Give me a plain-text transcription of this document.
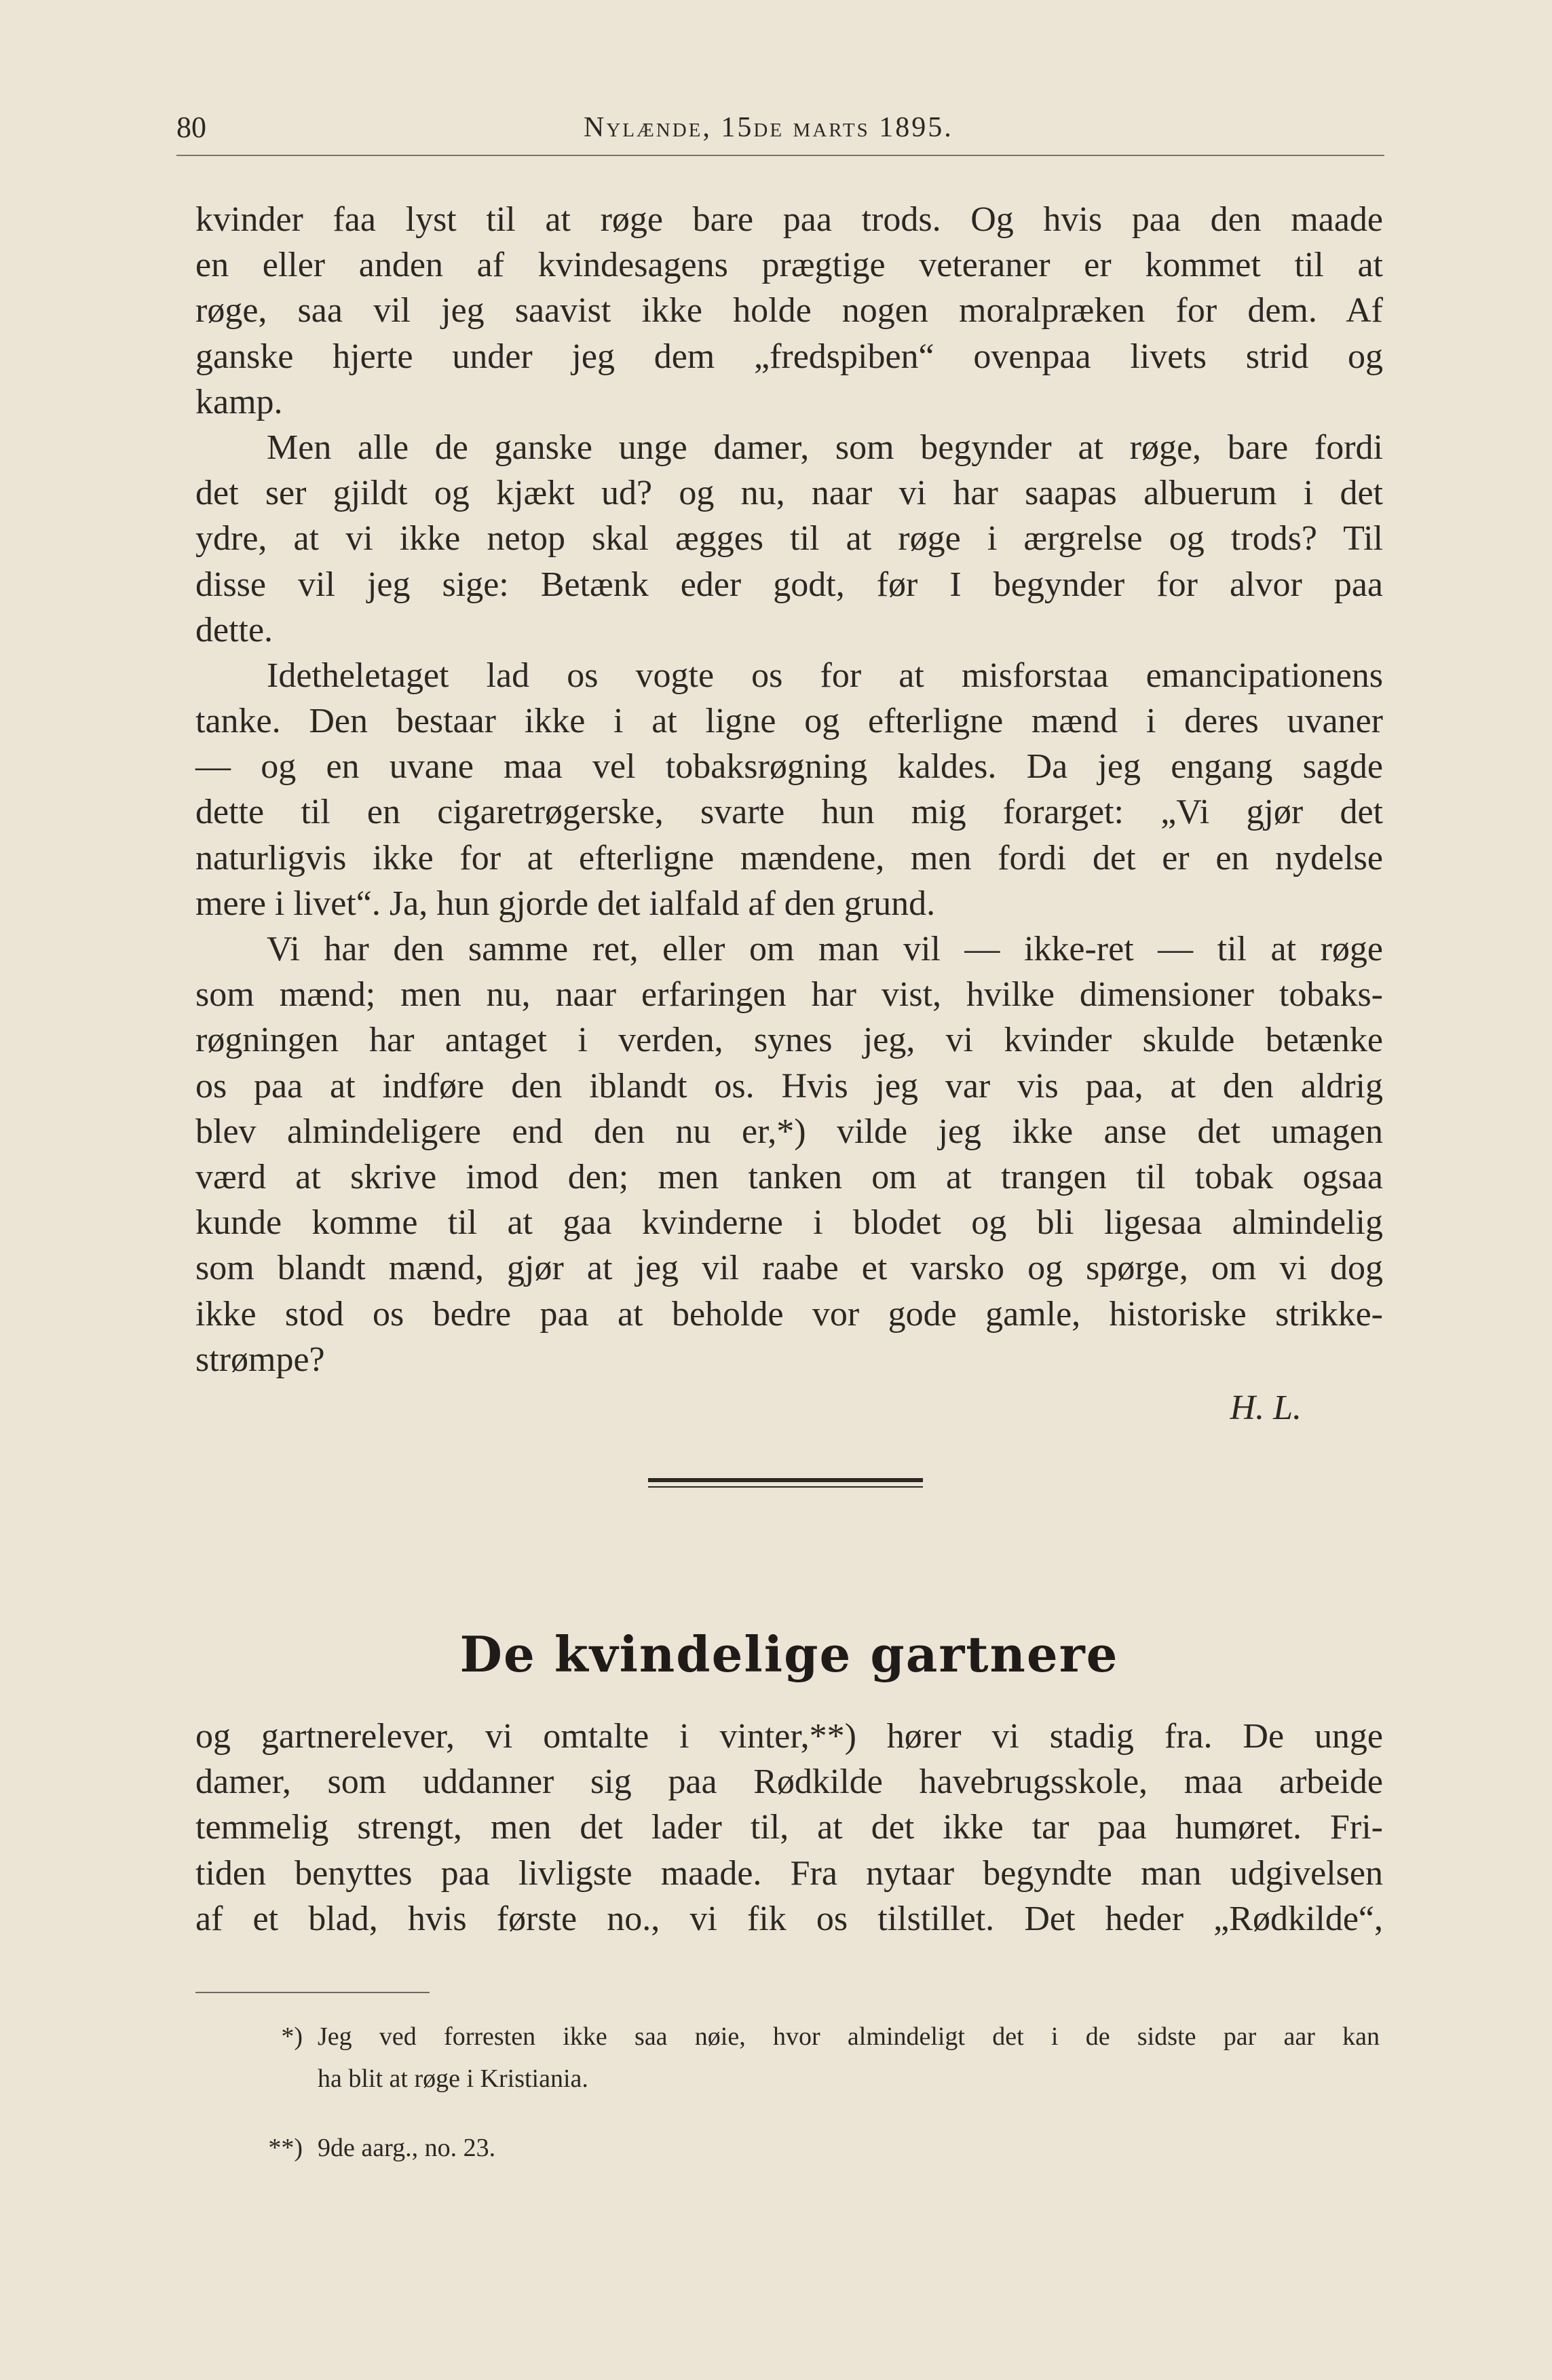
80	Nylænde, 15de marts 1895.
kvinder faa lyst til at røge bare paa trods. Og hvis paa den maade
en eller anden af kvindesagens prægtige veteraner er kommet til at
røge, saa vil jeg saavist ikke holde nogen moralpræken for dem. Af
ganske hjerte under jeg dem „fredspiben“ ovenpaa livets strid og
kamp.
Men alle de ganske unge damer, som begynder at røge, bare fordi
det ser gjildt og kjækt ud? og nu, naar vi har saapas albuerum i det
ydre, at vi ikke netop skal ægges til at røge i ærgrelse og trods? Til
disse vil jeg sige: Betænk eder godt, før I begynder for alvor paa
dette.
Idetheletaget lad os vogte os for at misforstaa emancipationens
tanke. Den bestaar ikke i at ligne og efterligne mænd i deres uvaner
— og en uvane maa vel tobaksrøgning kaldes. Da jeg engang sagde
dette til en cigaretrøgerske, svarte hun mig forarget: „Vi gjør det
naturligvis ikke for at efterligne mændene, men fordi det er en nydelse
mere i livet“. Ja, hun gjorde det ialfald af den grund.
Vi har den samme ret, eller om man vil — ikke-ret — til at røge
som mænd; men nu, naar erfaringen har vist, hvilke dimensioner tobaks-
røgningen har antaget i verden, synes jeg, vi kvinder skulde betænke
os paa at indføre den iblandt os. Hvis jeg var vis paa, at den aldrig
blev almindeligere end den nu er,*) vilde jeg ikke anse det umagen
værd at skrive imod den; men tanken om at trangen til tobak ogsaa
kunde komme til at gaa kvinderne i blodet og bli ligesaa almindelig
som blandt mænd, gjør at jeg vil raabe et varsko og spørge, om vi dog
ikke stod os bedre paa at beholde vor gode gamle, historiske strikke-
strømpe?
H. L.
De kvindelige gartnere
og gartnerelever, vi omtalte i vinter,**) hører vi stadig fra. De unge
damer, som uddanner sig paa Rødkilde havebrugsskole, maa arbeide
temmelig strengt, men det lader til, at det ikke tar paa humøret. Fri-
tiden benyttes paa livligste maade. Fra nytaar begyndte man udgivelsen
af et blad, hvis første no., vi fik os tilstillet. Det heder „Rødkilde“,
*) Jeg ved forresten ikke saa nøie, hvor almindeligt det i de sidste par aar kan
ha blit at røge i Kristiania.
**) 9de aarg., no. 23.
